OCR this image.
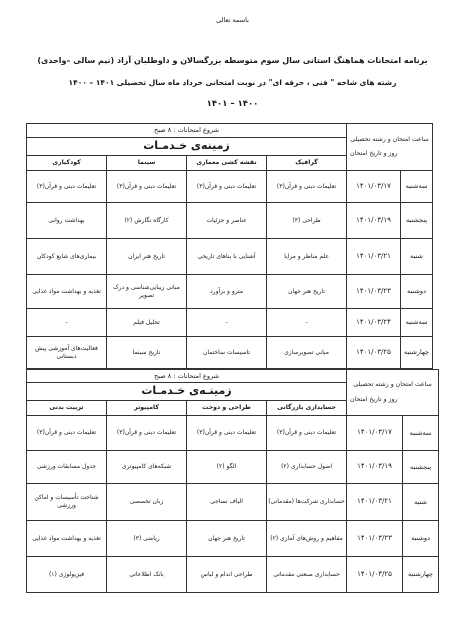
باسمه تعالی
برنامه امتحانات هماهنگ استانی سال سوم متوسطه بزرگسالان و داوطلبان آزاد (نیم سالی –واحدی)
رشته های شاخه " فنی ، حرفه ای" در نوبت امتحانی خرداد ماه سال تحصیلی ۱۴۰۱ – ۱۴۰۰
۱۴۰۰ – ۱۴۰۱
ساعت امتحان و رشته تحصیلی
روز و تاریخ امتحان		شروع امتحانات : ۸ صبح			
		زمینه‌ی خـدمـات			
		گرافیک	نقشه کشی معماری	سینما	کودکیاری
سه‌شنبه	۱۴۰۱/۰۳/۱۷	تعلیمات دینی و قرآن(۳)	تعلیمات دینی و قرآن(۳)	تعلیمات دینی و قرآن(۳)	تعلیمات دینی و قرآن(۳)
پنجشنبه	۱۴۰۱/۰۳/۱۹	طراحی (۳)	عناصر و جزئیات	کارگاه نگارش (۲)	بهداشت روانی
شنبه	۱۴۰۱/۰۳/۲۱	علم مناظر و مرایا	آشنایی با بناهای تاریخی	تاریخ هنر ایران	بیماری‌های شایع کودکان
دوشنبه	۱۴۰۱/۰۳/۲۳	تاریخ هنر جهان	مترو و برآورد	مبانی زیبایی‌شناسی و درک تصویر	تغذیه و بهداشت مواد غذایی
سه‌شنبه	۱۴۰۱/۰۳/۲۴	-	-	تحلیل فیلم	-
چهارشنبه	۱۴۰۱/۰۳/۲۵	مبانی تصویرسازی	تاسیسات ساختمان	تاریخ سینما	فعالیت‌های آموزشی پیش دبستانی
ساعت امتحان و رشته تحصیلی
روز و تاریخ امتحان		شروع امتحانات : ۸ صبح			
		زمینـه‌ی خـدمـات			
		حسابداری بازرگانی	طراحی و دوخت	کامپیوتر	تربیت بدنی
سه‌شنبه	۱۴۰۱/۰۳/۱۷	تعلیمات دینی و قرآن(۳)	تعلیمات دینی و قرآن(۳)	تعلیمات دینی و قرآن(۳)	تعلیمات دینی و قرآن(۳)
پنجشنبه	۱۴۰۱/۰۳/۱۹	اصول حسابداری (۲)	الگو (۲)	شبکه‌های کامپیوتری	جدول مسابقات ورزشی
شنبه	۱۴۰۱/۰۳/۲۱	حسابداری شرکت‌ها (مقدماتی)	الیاف نساجی	زبان تخصصی	شناخت تأسیسات و اماکن ورزشی
دوشنبه	۱۴۰۱/۰۳/۲۳	مفاهیم و روش‌های آماری (۲)	تاریخ هنر جهان	ریاضی (۳)	تغذیه و بهداشت مواد غذایی
چهارشنبه	۱۴۰۱/۰۳/۲۵	حسابداری صنعتی مقدماتی	طراحی اندام و لباس	بانک اطلاعاتی	فیزیولوژی (۱)
